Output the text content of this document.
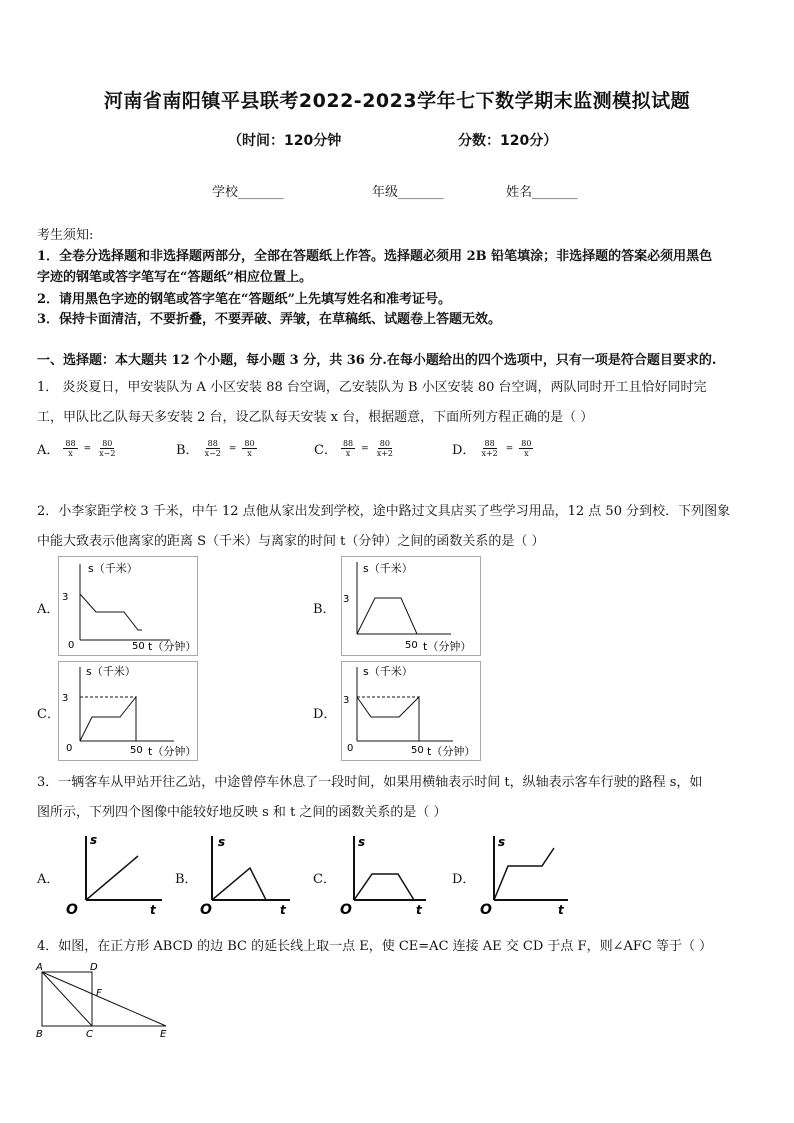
河南省南阳镇平县联考2022-2023学年七下数学期末监测模拟试题
（时间：120分钟	分数：120分）
学校_______	年级_______	姓名_______
考生须知:
1．全卷分选择题和非选择题两部分，全部在答题纸上作答。选择题必须用 2B 铅笔填涂；非选择题的答案必须用黑色
字迹的钢笔或答字笔写在“答题纸”相应位置上。
2．请用黑色字迹的钢笔或答字笔在“答题纸”上先填写姓名和准考证号。
3．保持卡面清洁，不要折叠，不要弄破、弄皱，在草稿纸、试题卷上答题无效。
一、选择题：本大题共 12 个小题，每小题 3 分，共 36 分.在每小题给出的四个选项中，只有一项是符合题目要求的.
1． 炎炎夏日，甲安装队为 A 小区安装 88 台空调，乙安装队为 B 小区安装 80 台空调，两队同时开工且恰好同时完
工，甲队比乙队每天多安装 2 台，设乙队每天安装 x 台，根据题意，下面所列方程正确的是（ ）
A． $\frac{88}{x} = \frac{80}{x-2}$	B． $\frac{88}{x-2} = \frac{80}{x}$	C． $\frac{88}{x} = \frac{80}{x+2}$	D． $\frac{88}{x+2} = \frac{80}{x}$
2．小李家距学校 3 千米，中午 12 点他从家出发到学校，途中路过文具店买了些学习用品，12 点 50 分到校．下列图象
中能大致表示他离家的距离 S（千米）与离家的时间 t（分钟）之间的函数关系的是（ ）
A．	B．
C．	D．
s（千米）
3
0	50 t（分钟）
s（千米）
3
50 t（分钟）
s（千米）
3
0	50 t（分钟）
s（千米）
3
0	50 t（分钟）
3．一辆客车从甲站开往乙站，中途曾停车休息了一段时间，如果用横轴表示时间 t，纵轴表示客车行驶的路程 s，如
图所示，下列四个图像中能较好地反映 s 和 t 之间的函数关系的是（ ）
A．	B．	C．	D．
s
O	t
s
O	t
s
O	t
s
O	t
4．如图，在正方形 ABCD 的边 BC 的延长线上取一点 E，使 CE=AC 连接 AE 交 CD 于点 F，则∠AFC 等于（ ）
A	D
F
B	C	E
